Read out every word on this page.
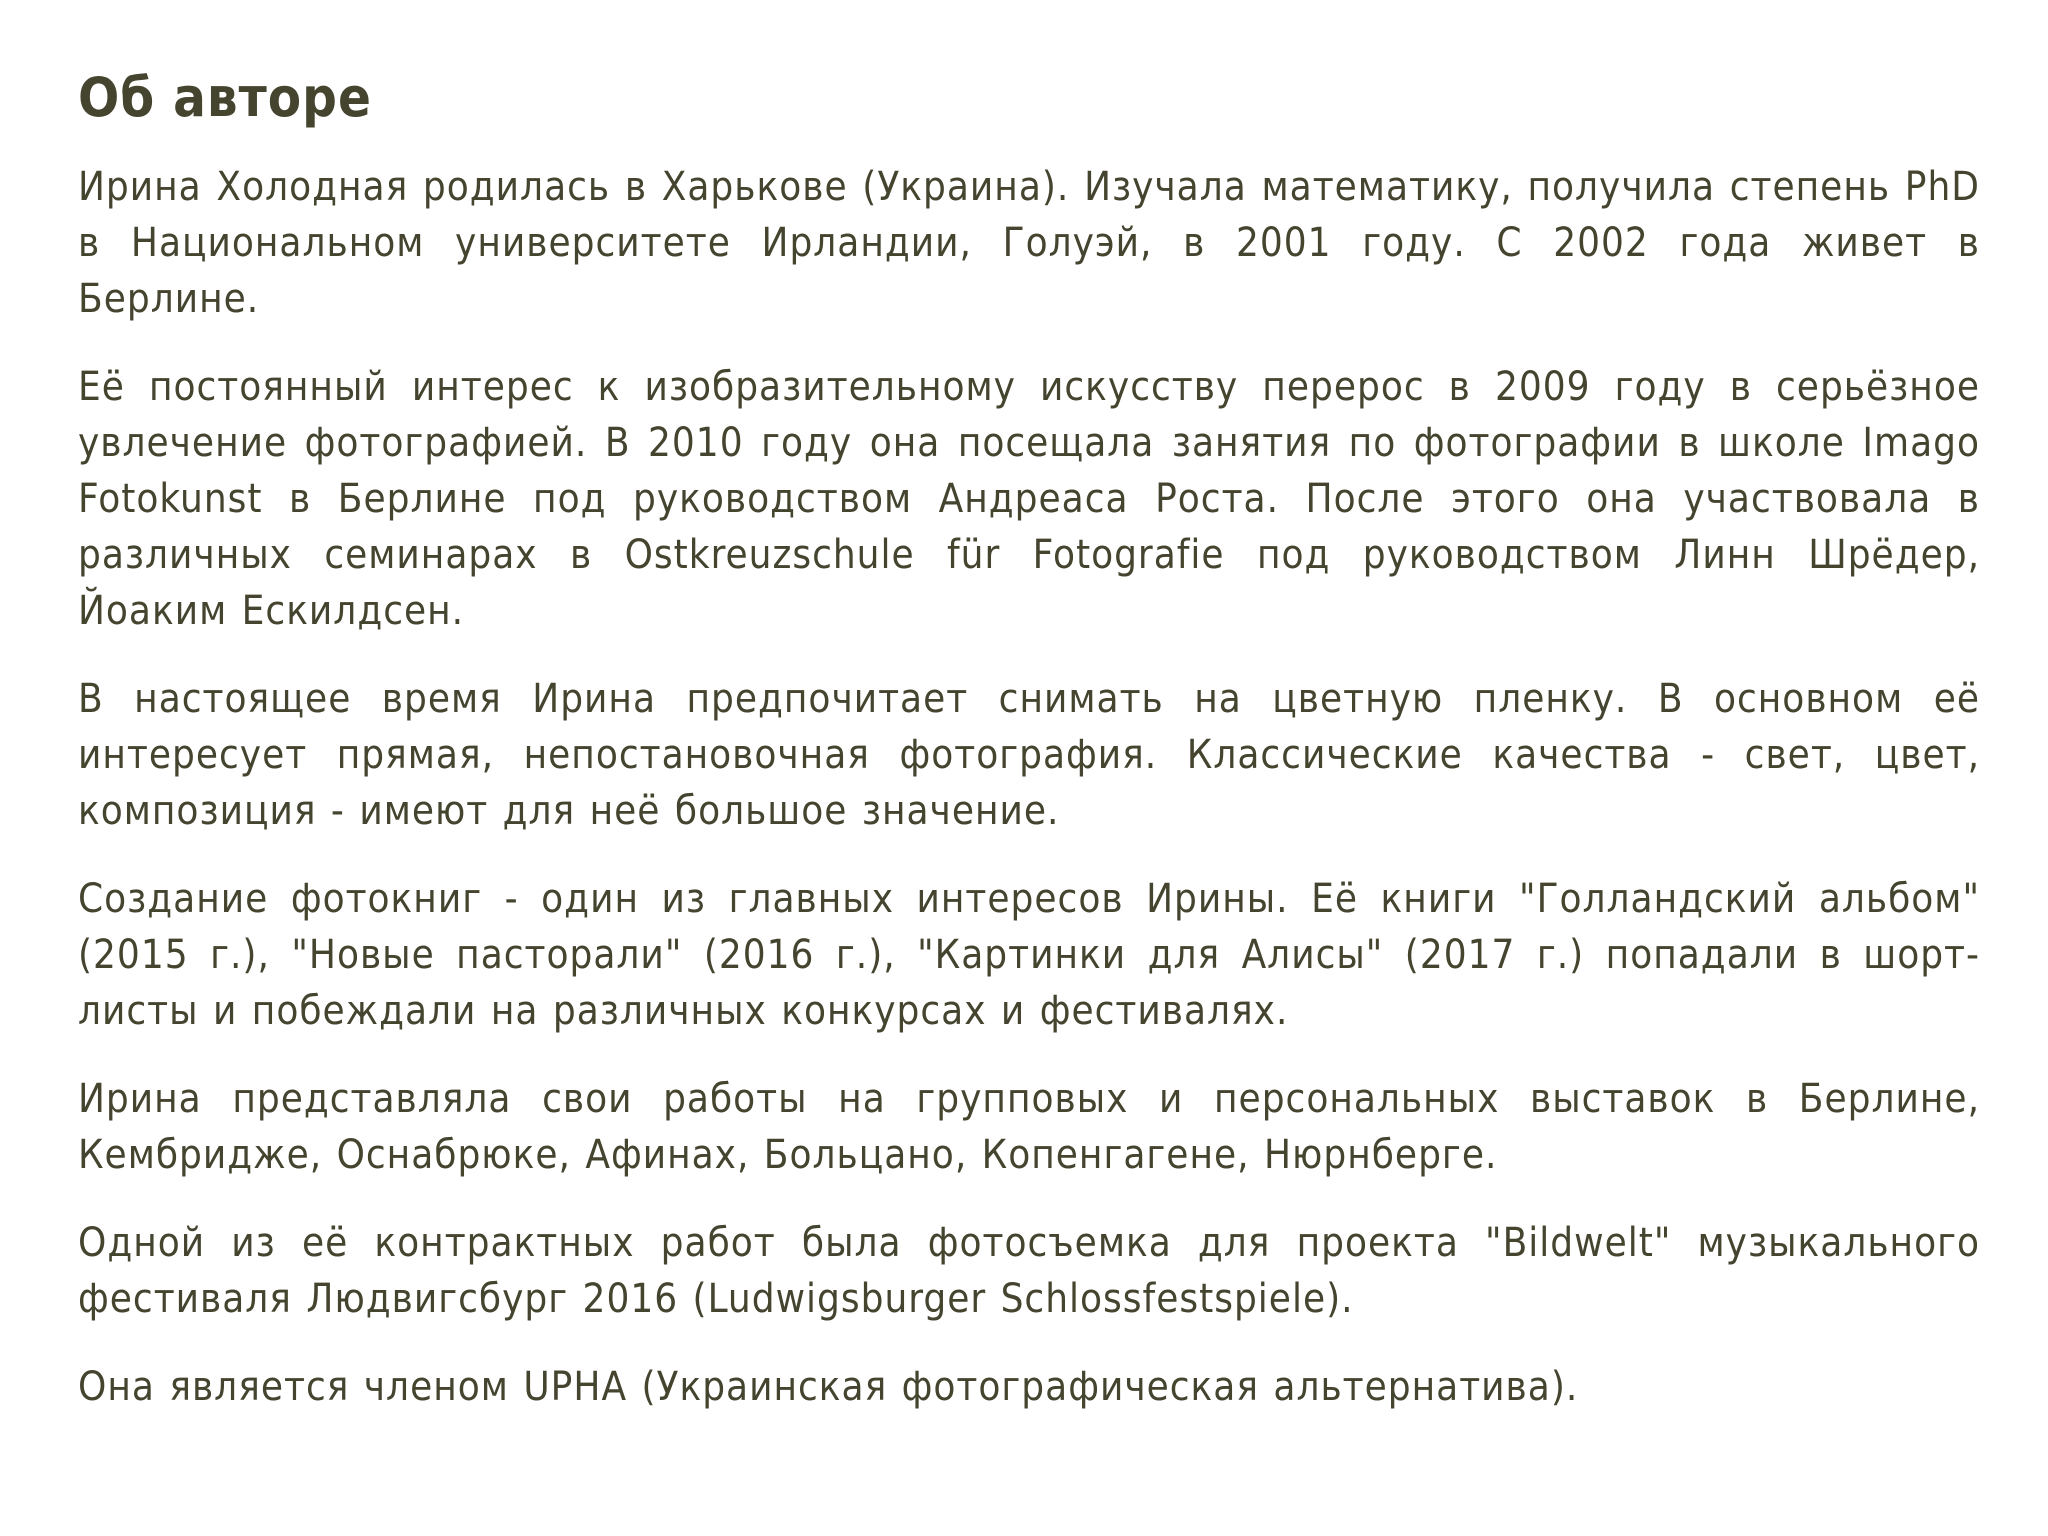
Об авторе

Ирина Холодная родилась в Харькове (Украина). Изучала математику, получила степень PhD в Национальном университете Ирландии, Голуэй, в 2001 году. С 2002 года живет в Берлине.

Её постоянный интерес к изобразительному искусству перерос в 2009 году в серьёзное увлечение фотографией. В 2010 году она посещала занятия по фотографии в школе Imago Fotokunst в Берлине под руководством Андреаса Роста. После этого она участвовала в различных семинарах в Ostkreuzschule für Fotografie под руководством Линн Шрёдер, Йоаким Ескилдсен.

В настоящее время Ирина предпочитает снимать на цветную пленку. В основном её интересует прямая, непостановочная фотография. Классические качества - свет, цвет, композиция - имеют для неё большое значение.

Создание фотокниг - один из главных интересов Ирины. Её книги "Голландский альбом" (2015 г.), "Новые пасторали" (2016 г.), "Картинки для Алисы" (2017 г.) попадали в шорт-листы и побеждали на различных конкурсах и фестивалях.

Ирина представляла свои работы на групповых и персональных выставок в Берлине, Кембридже, Оснабрюке, Афинах, Больцано, Копенгагене, Нюрнберге.

Одной из её контрактных работ была фотосъемка для проекта "Bildwelt" музыкального фестиваля Людвигсбург 2016 (Ludwigsburger Schlossfestspiele).

Она является членом UPHA (Украинская фотографическая альтернатива).
